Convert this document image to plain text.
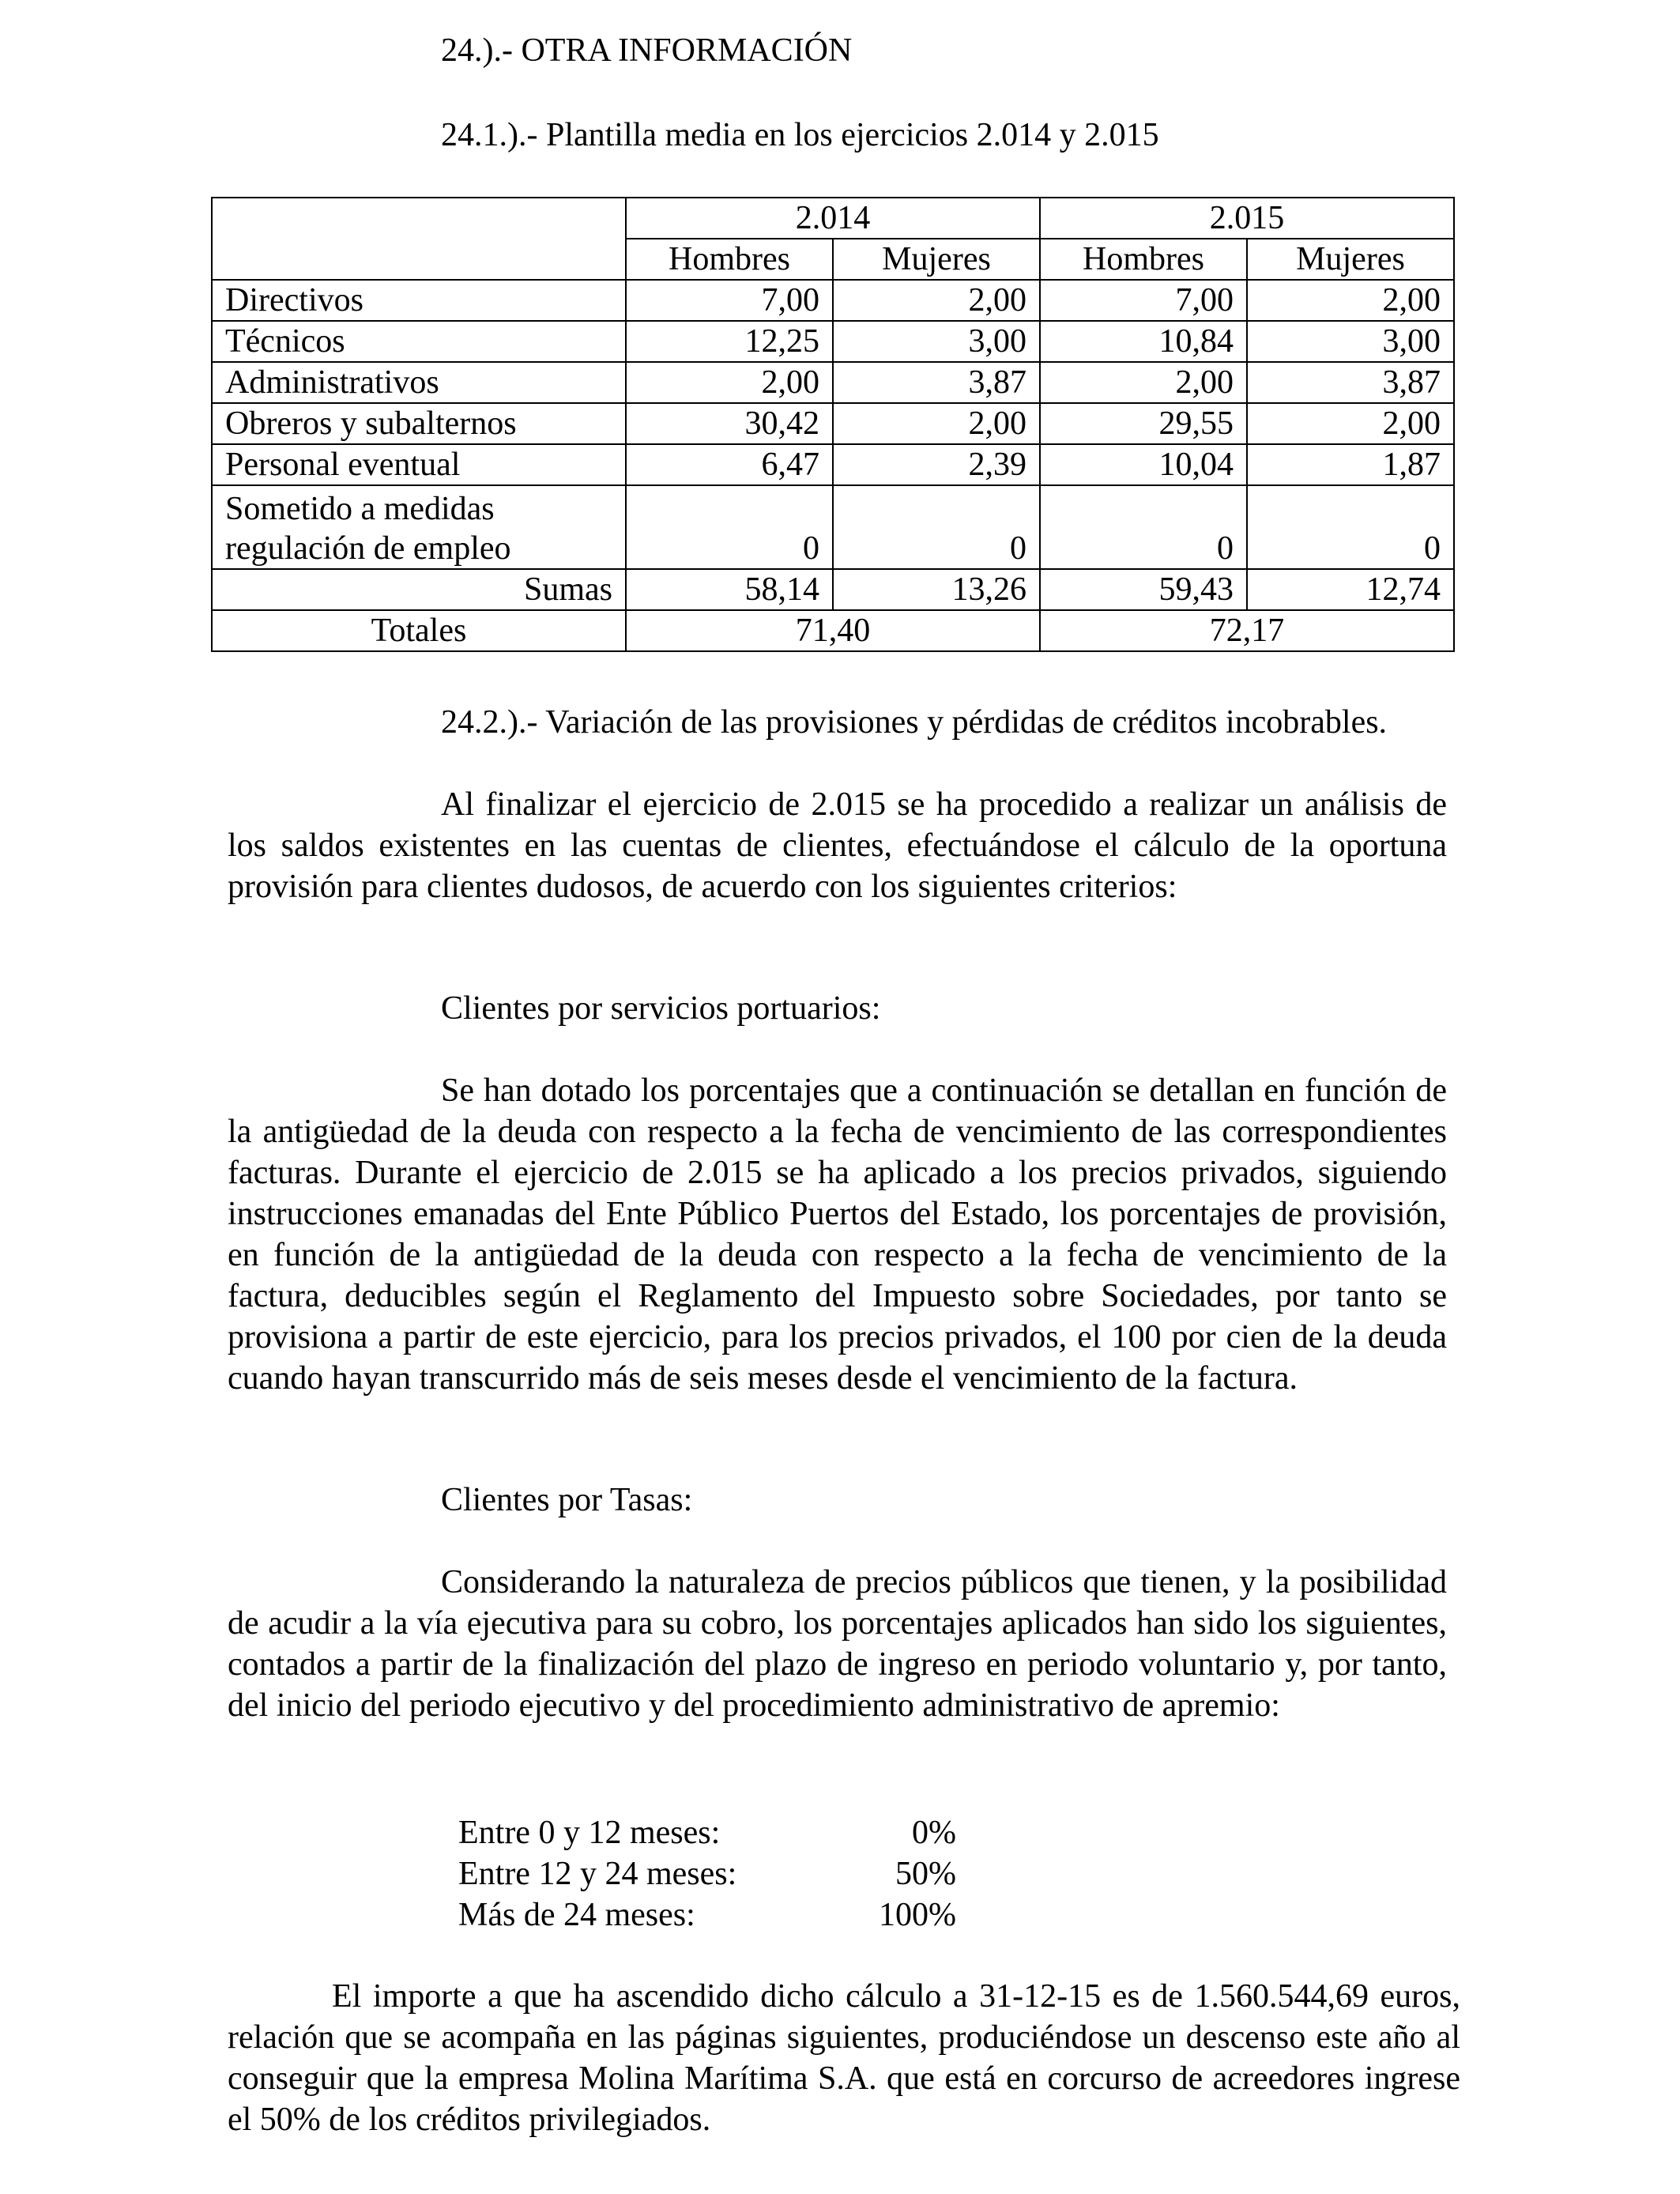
24.).- OTRA INFORMACIÓN
24.1.).- Plantilla media en los ejercicios 2.014 y 2.015
	2.014		2.015	
	Hombres	Mujeres	Hombres	Mujeres
Directivos	7,00	2,00	7,00	2,00
Técnicos	12,25	3,00	10,84	3,00
Administrativos	2,00	3,87	2,00	3,87
Obreros y subalternos	30,42	2,00	29,55	2,00
Personal eventual	6,47	2,39	10,04	1,87
Sometido a medidas
regulación de empleo	0	0	0	0
Sumas	58,14	13,26	59,43	12,74
Totales	71,40		72,17	
24.2.).- Variación de las provisiones y pérdidas de créditos incobrables.
Al finalizar el ejercicio de 2.015 se ha procedido a realizar un análisis de los saldos existentes en las cuentas de clientes, efectuándose el cálculo de la oportuna provisión para clientes dudosos, de acuerdo con los siguientes criterios:
Clientes por servicios portuarios:
Se han dotado los porcentajes que a continuación se detallan en función de la antigüedad de la deuda con respecto a la fecha de vencimiento de las correspondientes facturas. Durante el ejercicio de 2.015 se ha aplicado a los precios privados, siguiendo instrucciones emanadas del Ente Público Puertos del Estado, los porcentajes de provisión, en función de la antigüedad de la deuda con respecto a la fecha de vencimiento de la factura, deducibles según el Reglamento del Impuesto sobre Sociedades, por tanto se provisiona a partir de este ejercicio, para los precios privados, el 100 por cien de la deuda cuando hayan transcurrido más de seis meses desde el vencimiento de la factura.
Clientes por Tasas:
Considerando la naturaleza de precios públicos que tienen, y la posibilidad de acudir a la vía ejecutiva para su cobro, los porcentajes aplicados han sido los siguientes, contados a partir de la finalización del plazo de ingreso en periodo voluntario y, por tanto, del inicio del periodo ejecutivo y del procedimiento administrativo de apremio:
Entre 0 y 12 meses:	0%
Entre 12 y 24 meses:	50%
Más de 24 meses:	100%
El importe a que ha ascendido dicho cálculo a 31-12-15 es de 1.560.544,69 euros, relación que se acompaña en las páginas siguientes, produciéndose un descenso este año al conseguir que la empresa Molina Marítima S.A. que está en corcurso de acreedores ingrese el 50% de los créditos privilegiados.
